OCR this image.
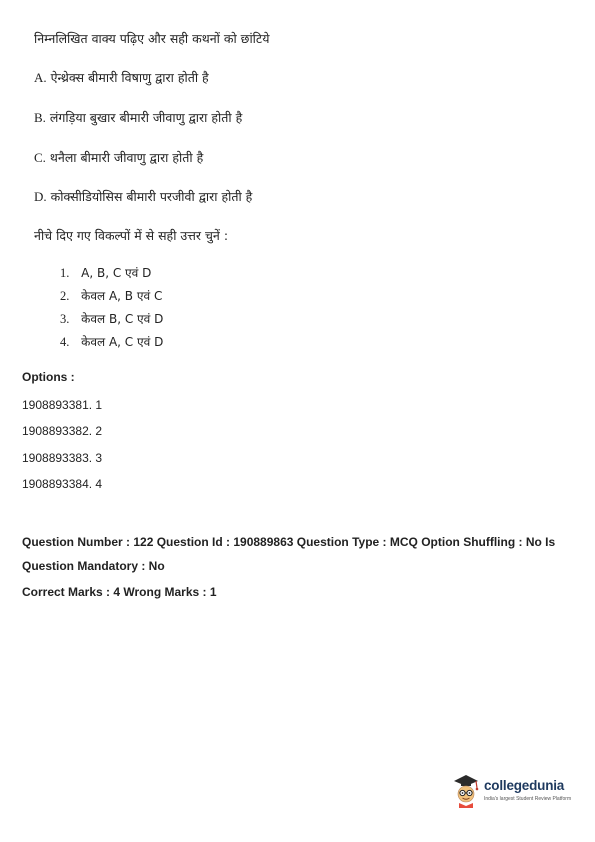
निम्नलिखित वाक्य पढ़िए और सही कथनों को छांटिये
A. ऐन्थ्रेक्स बीमारी विषाणु द्वारा होती है
B. लंगड़िया बुखार बीमारी जीवाणु द्वारा होती है
C. थनैला बीमारी जीवाणु द्वारा होती है
D. कोक्सीडियोसिस बीमारी परजीवी द्वारा होती है
नीचे दिए गए विकल्पों में से सही उत्तर चुनें :
1. A, B, C एवं D
2. केवल A, B एवं C
3. केवल B, C एवं D
4. केवल A, C एवं D
Options :
1908893381. 1
1908893382. 2
1908893383. 3
1908893384. 4
Question Number : 122 Question Id : 190889863 Question Type : MCQ Option Shuffling : No Is
Question Mandatory : No
Correct Marks : 4 Wrong Marks : 1
collegedunia
India's largest Student Review Platform
